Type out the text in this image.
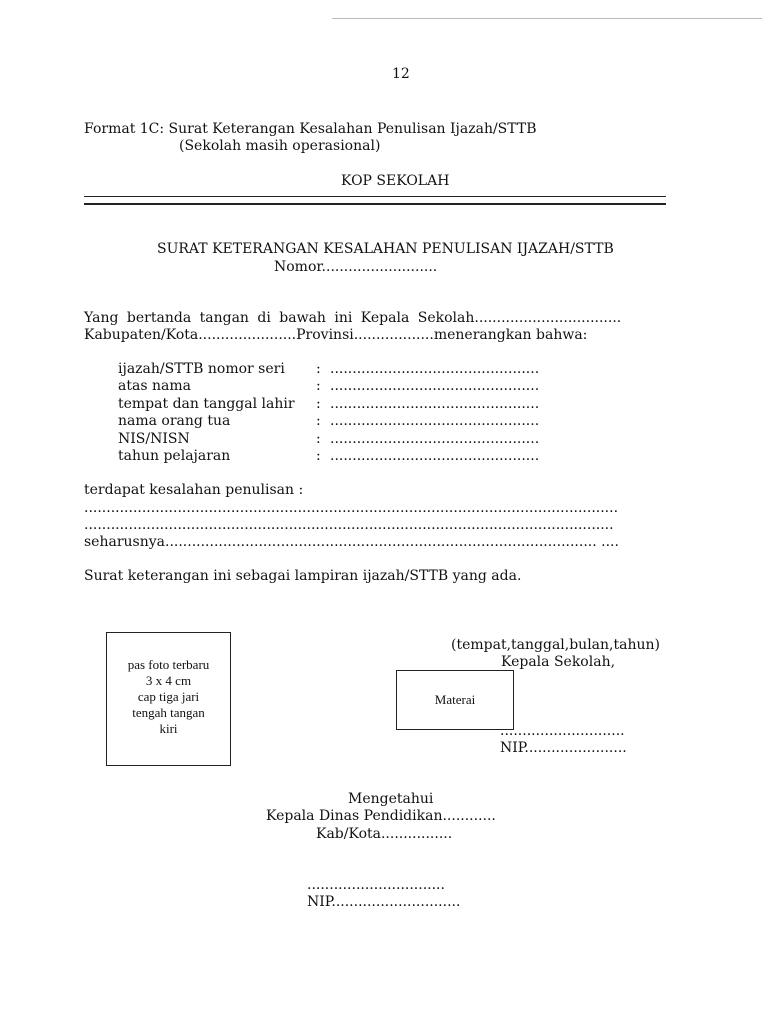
12
Format 1C: Surat Keterangan Kesalahan Penulisan Ijazah/STTB
(Sekolah masih operasional)
KOP SEKOLAH
SURAT KETERANGAN KESALAHAN PENULISAN IJAZAH/STTB
Nomor..........................
Yang bertanda tangan di bawah ini Kepala Sekolah.................................
Kabupaten/Kota......................Provinsi..................menerangkan bahwa:
ijazah/STTB nomor seri : ...............................................
atas nama	: ...............................................
tempat dan tanggal lahir : ...............................................
nama orang tua	: ...............................................
NIS/NISN	: ...............................................
tahun pelajaran	: ...............................................
terdapat kesalahan penulisan :
........................................................................................................................
.......................................................................................................................
seharusnya................................................................................................. ....
Surat keterangan ini sebagai lampiran ijazah/STTB yang ada.
pas foto terbaru
3 x 4 cm
cap tiga jari
tengah tangan
kiri
(tempat,tanggal,bulan,tahun)
Kepala Sekolah,
Materai
............................
NIP.......................
Mengetahui
Kepala Dinas Pendidikan............
Kab/Kota................
...............................
NIP.............................
